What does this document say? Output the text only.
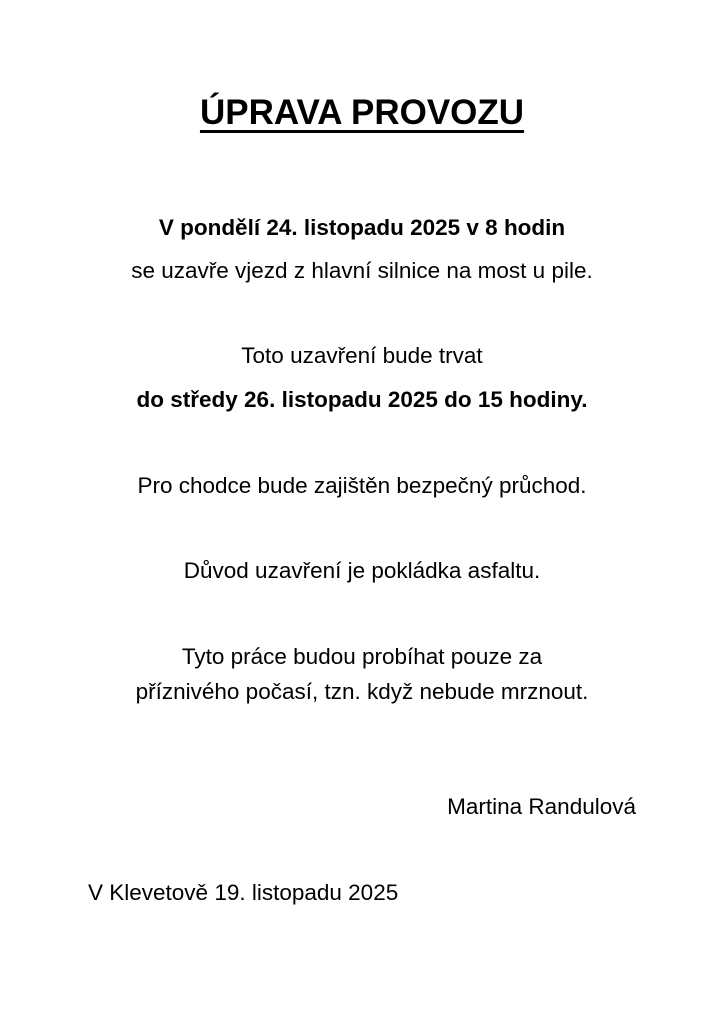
ÚPRAVA PROVOZU

V pondělí 24. listopadu 2025 v 8 hodin

se uzavře vjezd z hlavní silnice na most u pile.

Toto uzavření bude trvat

do středy 26. listopadu 2025 do 15 hodiny.

Pro chodce bude zajištěn bezpečný průchod.

Důvod uzavření je pokládka asfaltu.

Tyto práce budou probíhat pouze za

příznivého počasí, tzn. když nebude mrznout.

Martina Randulová

V Klevetově 19. listopadu 2025
